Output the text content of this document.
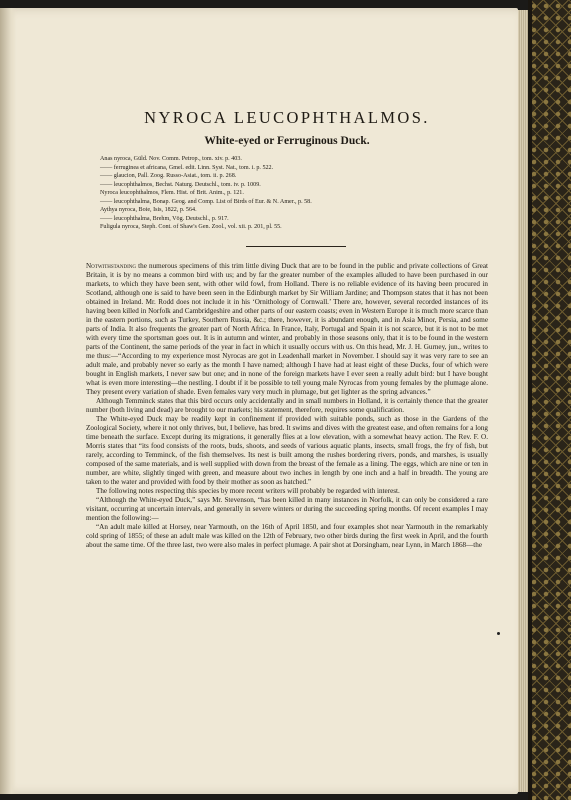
NYROCA LEUCOPHTHALMOS.
White-eyed or Ferruginous Duck.
Anas nyroca, Güld. Nov. Comm. Petrop., tom. xiv. p. 403.
—— ferruginea et africana, Gmel. edit. Linn. Syst. Nat., tom. i. p. 522.
—— glaucion, Pall. Zoog. Russo-Asiat., tom. ii. p. 268.
—— leucophthalmos, Bechst. Naturg. Deutschl., tom. iv. p. 1009.
Nyroca leucophthalmos, Flem. Hist. of Brit. Anim., p. 121.
—— leucophthalma, Bonap. Geog. and Comp. List of Birds of Eur. & N. Amer., p. 58.
Aythya nyroca, Boie, Isis, 1822, p. 564.
—— leucophthalma, Brehm, Vög. Deutschl., p. 917.
Fuligula nyroca, Steph. Cont. of Shaw's Gen. Zool., vol. xii. p. 201, pl. 55.

Notwithstanding the numerous specimens of this trim little diving Duck that are to be found in the public and private collections of Great Britain, it is by no means a common bird with us; and by far the greater number of the examples alluded to have been purchased in our markets, to which they have been sent, with other wild fowl, from Holland. There is no reliable evidence of its having been procured in Scotland, although one is said to have been seen in the Edinburgh market by Sir William Jardine; and Thompson states that it has not been obtained in Ireland. Mr. Rodd does not include it in his ‘Ornithology of Cornwall.’ There are, however, several recorded instances of its having been killed in Norfolk and Cambridgeshire and other parts of our eastern coasts; even in Western Europe it is much more scarce than in the eastern portions, such as Turkey, Southern Russia, &c.; there, however, it is abundant enough, and in Asia Minor, Persia, and some parts of India. It also frequents the greater part of North Africa. In France, Italy, Portugal and Spain it is not scarce, but it is not to be met with every time the sportsman goes out. It is in autumn and winter, and probably in those seasons only, that it is to be found in the western parts of the Continent, the same periods of the year in fact in which it usually occurs with us. On this head, Mr. J. H. Gurney, jun., writes to me thus:—“According to my experience most Nyrocas are got in Leadenhall market in November. I should say it was very rare to see an adult male, and probably never so early as the month I have named; although I have had at least eight of these Ducks, four of which were bought in English markets, I never saw but one; and in none of the foreign markets have I ever seen a really adult bird: but I have bought what is even more interesting—the nestling. I doubt if it be possible to tell young male Nyrocas from young females by the plumage alone. They present every variation of shade. Even females vary very much in plumage, but get lighter as the spring advances.”

Although Temminck states that this bird occurs only accidentally and in small numbers in Holland, it is certainly thence that the greater number (both living and dead) are brought to our markets; his statement, therefore, requires some qualification.

The White-eyed Duck may be readily kept in confinement if provided with suitable ponds, such as those in the Gardens of the Zoological Society, where it not only thrives, but, I believe, has bred. It swims and dives with the greatest ease, and often remains for a long time beneath the surface. Except during its migrations, it generally flies at a low elevation, with a somewhat heavy action. The Rev. F. O. Morris states that “its food consists of the roots, buds, shoots, and seeds of various aquatic plants, insects, small frogs, the fry of fish, but rarely, according to Temminck, of the fish themselves. Its nest is built among the rushes bordering rivers, ponds, and marshes, is usually composed of the same materials, and is well supplied with down from the breast of the female as a lining. The eggs, which are nine or ten in number, are white, slightly tinged with green, and measure about two inches in length by one inch and a half in breadth. The young are taken to the water and provided with food by their mother as soon as hatched.”

The following notes respecting this species by more recent writers will probably be regarded with interest.

“Although the White-eyed Duck,” says Mr. Stevenson, “has been killed in many instances in Norfolk, it can only be considered a rare visitant, occurring at uncertain intervals, and generally in severe winters or during the succeeding spring months. Of recent examples I may mention the following:—

“An adult male killed at Horsey, near Yarmouth, on the 16th of April 1850, and four examples shot near Yarmouth in the remarkably cold spring of 1855; of these an adult male was killed on the 12th of February, two other birds during the first week in April, and the fourth about the same time. Of the three last, two were also males in perfect plumage. A pair shot at Dorsingham, near Lynn, in March 1868—the
